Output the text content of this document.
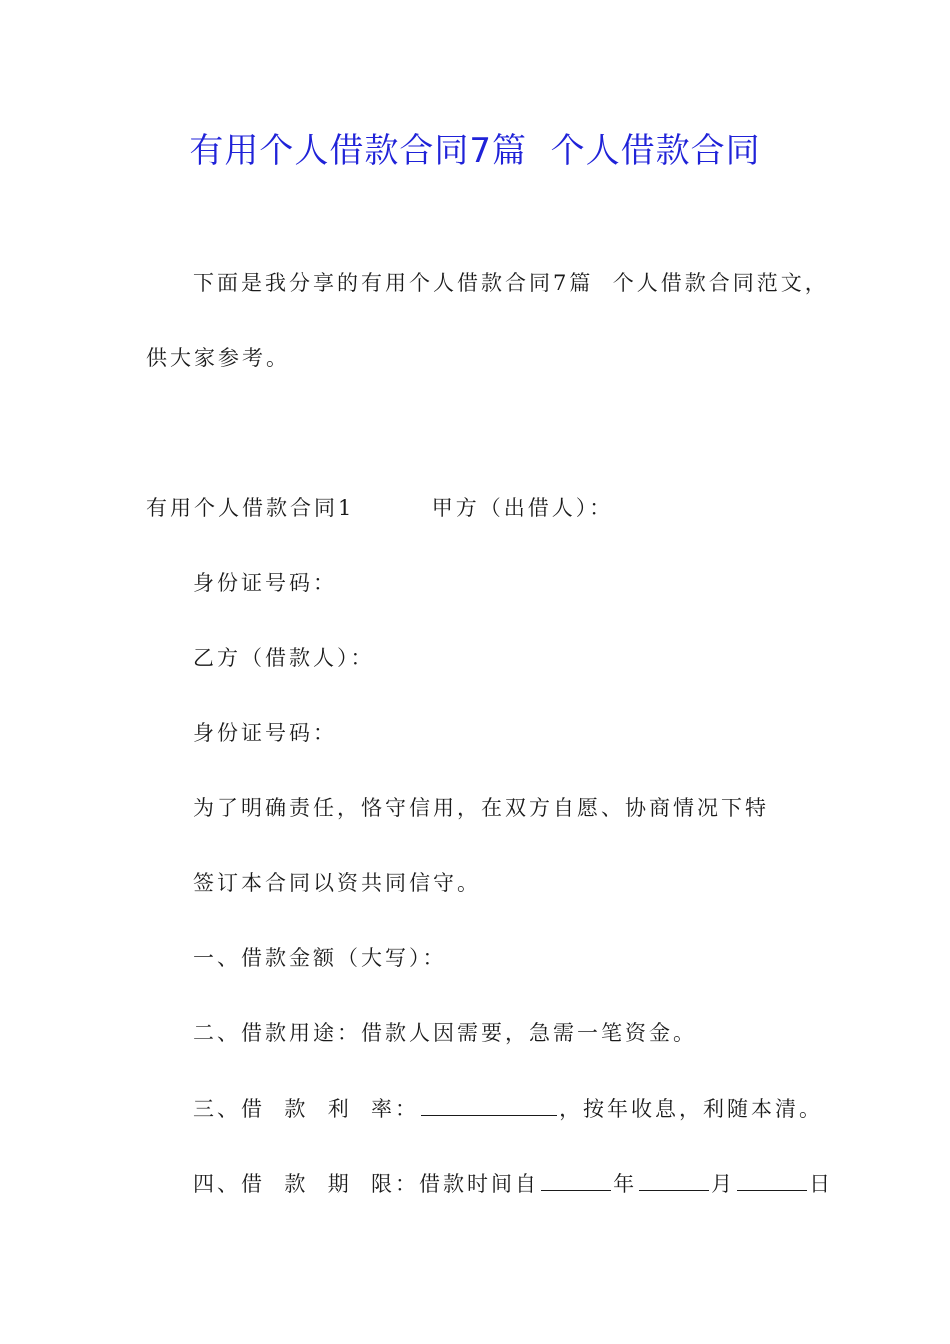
有用个人借款合同7篇  个人借款合同

下面是我分享的有用个人借款合同7篇  个人借款合同范文，

供大家参考。

有用个人借款合同1        甲方（出借人）：

身份证号码：

乙方（借款人）：

身份证号码：

为了明确责任，恪守信用，在双方自愿、协商情况下特

签订本合同以资共同信守。

一、借款金额（大写）：

二、借款用途：借款人因需要，急需一笔资金。

三、借  款  利  率：	，按年收息，利随本清。

四、借  款  期  限：借款时间自	年	月	日
